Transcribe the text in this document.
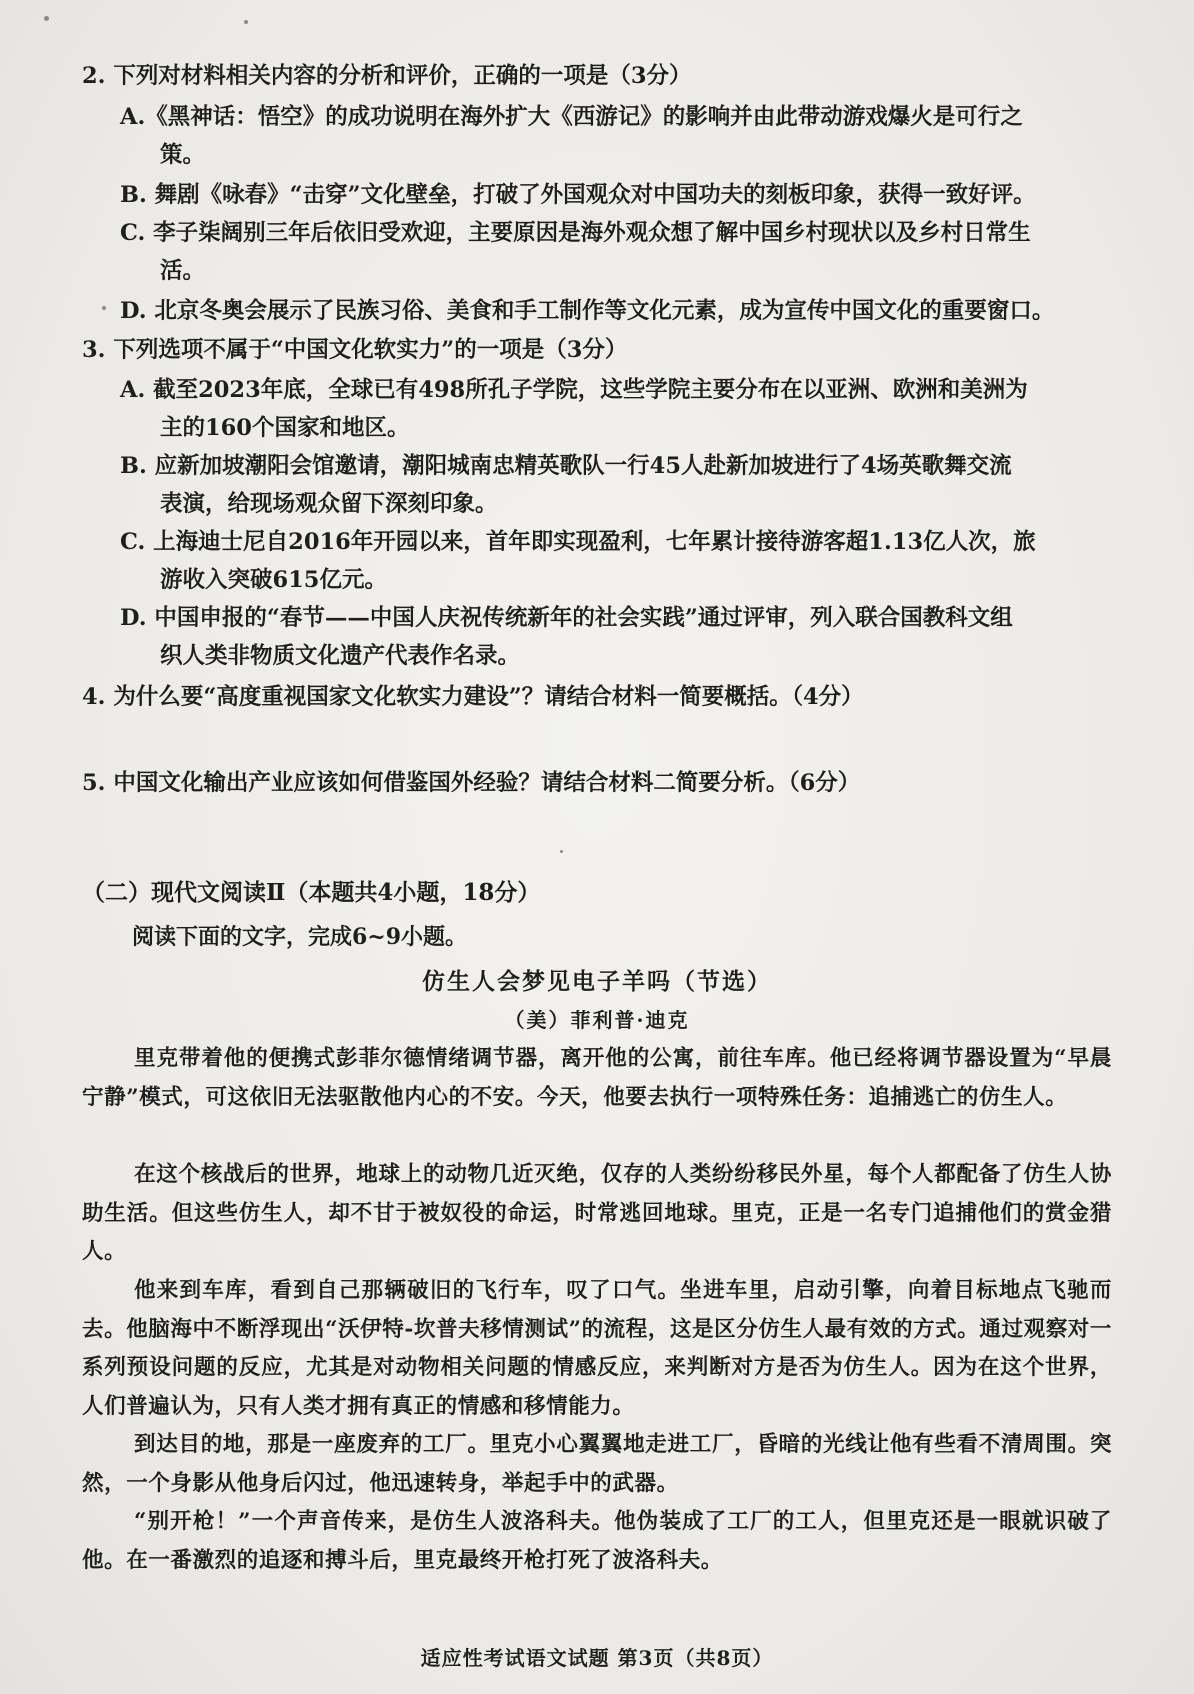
2. 下列对材料相关内容的分析和评价，正确的一项是（3分）
A.《黑神话：悟空》的成功说明在海外扩大《西游记》的影响并由此带动游戏爆火是可行之
策。
B. 舞剧《咏春》“击穿”文化壁垒，打破了外国观众对中国功夫的刻板印象，获得一致好评。
C. 李子柒阔别三年后依旧受欢迎，主要原因是海外观众想了解中国乡村现状以及乡村日常生
活。
D. 北京冬奥会展示了民族习俗、美食和手工制作等文化元素，成为宣传中国文化的重要窗口。
3. 下列选项不属于“中国文化软实力”的一项是（3分）
A. 截至2023年底，全球已有498所孔子学院，这些学院主要分布在以亚洲、欧洲和美洲为
主的160个国家和地区。
B. 应新加坡潮阳会馆邀请，潮阳城南忠精英歌队一行45人赴新加坡进行了4场英歌舞交流
表演，给现场观众留下深刻印象。
C. 上海迪士尼自2016年开园以来，首年即实现盈利，七年累计接待游客超1.13亿人次，旅
游收入突破615亿元。
D. 中国申报的“春节——中国人庆祝传统新年的社会实践”通过评审，列入联合国教科文组
织人类非物质文化遗产代表作名录。
4. 为什么要“高度重视国家文化软实力建设”？请结合材料一简要概括。（4分）
5. 中国文化输出产业应该如何借鉴国外经验？请结合材料二简要分析。（6分）
（二）现代文阅读Ⅱ（本题共4小题，18分）
阅读下面的文字，完成6~9小题。
仿生人会梦见电子羊吗（节选）
（美）菲利普·迪克
里克带着他的便携式彭菲尔德情绪调节器，离开他的公寓，前往车库。他已经将调节器设置为“早晨宁静”模式，可这依旧无法驱散他内心的不安。今天，他要去执行一项特殊任务：追捕逃亡的仿生人。
在这个核战后的世界，地球上的动物几近灭绝，仅存的人类纷纷移民外星，每个人都配备了仿生人协助生活。但这些仿生人，却不甘于被奴役的命运，时常逃回地球。里克，正是一名专门追捕他们的赏金猎人。
他来到车库，看到自己那辆破旧的飞行车，叹了口气。坐进车里，启动引擎，向着目标地点飞驰而去。他脑海中不断浮现出“沃伊特-坎普夫移情测试”的流程，这是区分仿生人最有效的方式。通过观察对一系列预设问题的反应，尤其是对动物相关问题的情感反应，来判断对方是否为仿生人。因为在这个世界，人们普遍认为，只有人类才拥有真正的情感和移情能力。
到达目的地，那是一座废弃的工厂。里克小心翼翼地走进工厂，昏暗的光线让他有些看不清周围。突然，一个身影从他身后闪过，他迅速转身，举起手中的武器。
“别开枪！”一个声音传来，是仿生人波洛科夫。他伪装成了工厂的工人，但里克还是一眼就识破了他。在一番激烈的追逐和搏斗后，里克最终开枪打死了波洛科夫。
适应性考试语文试题 第3页（共8页）
